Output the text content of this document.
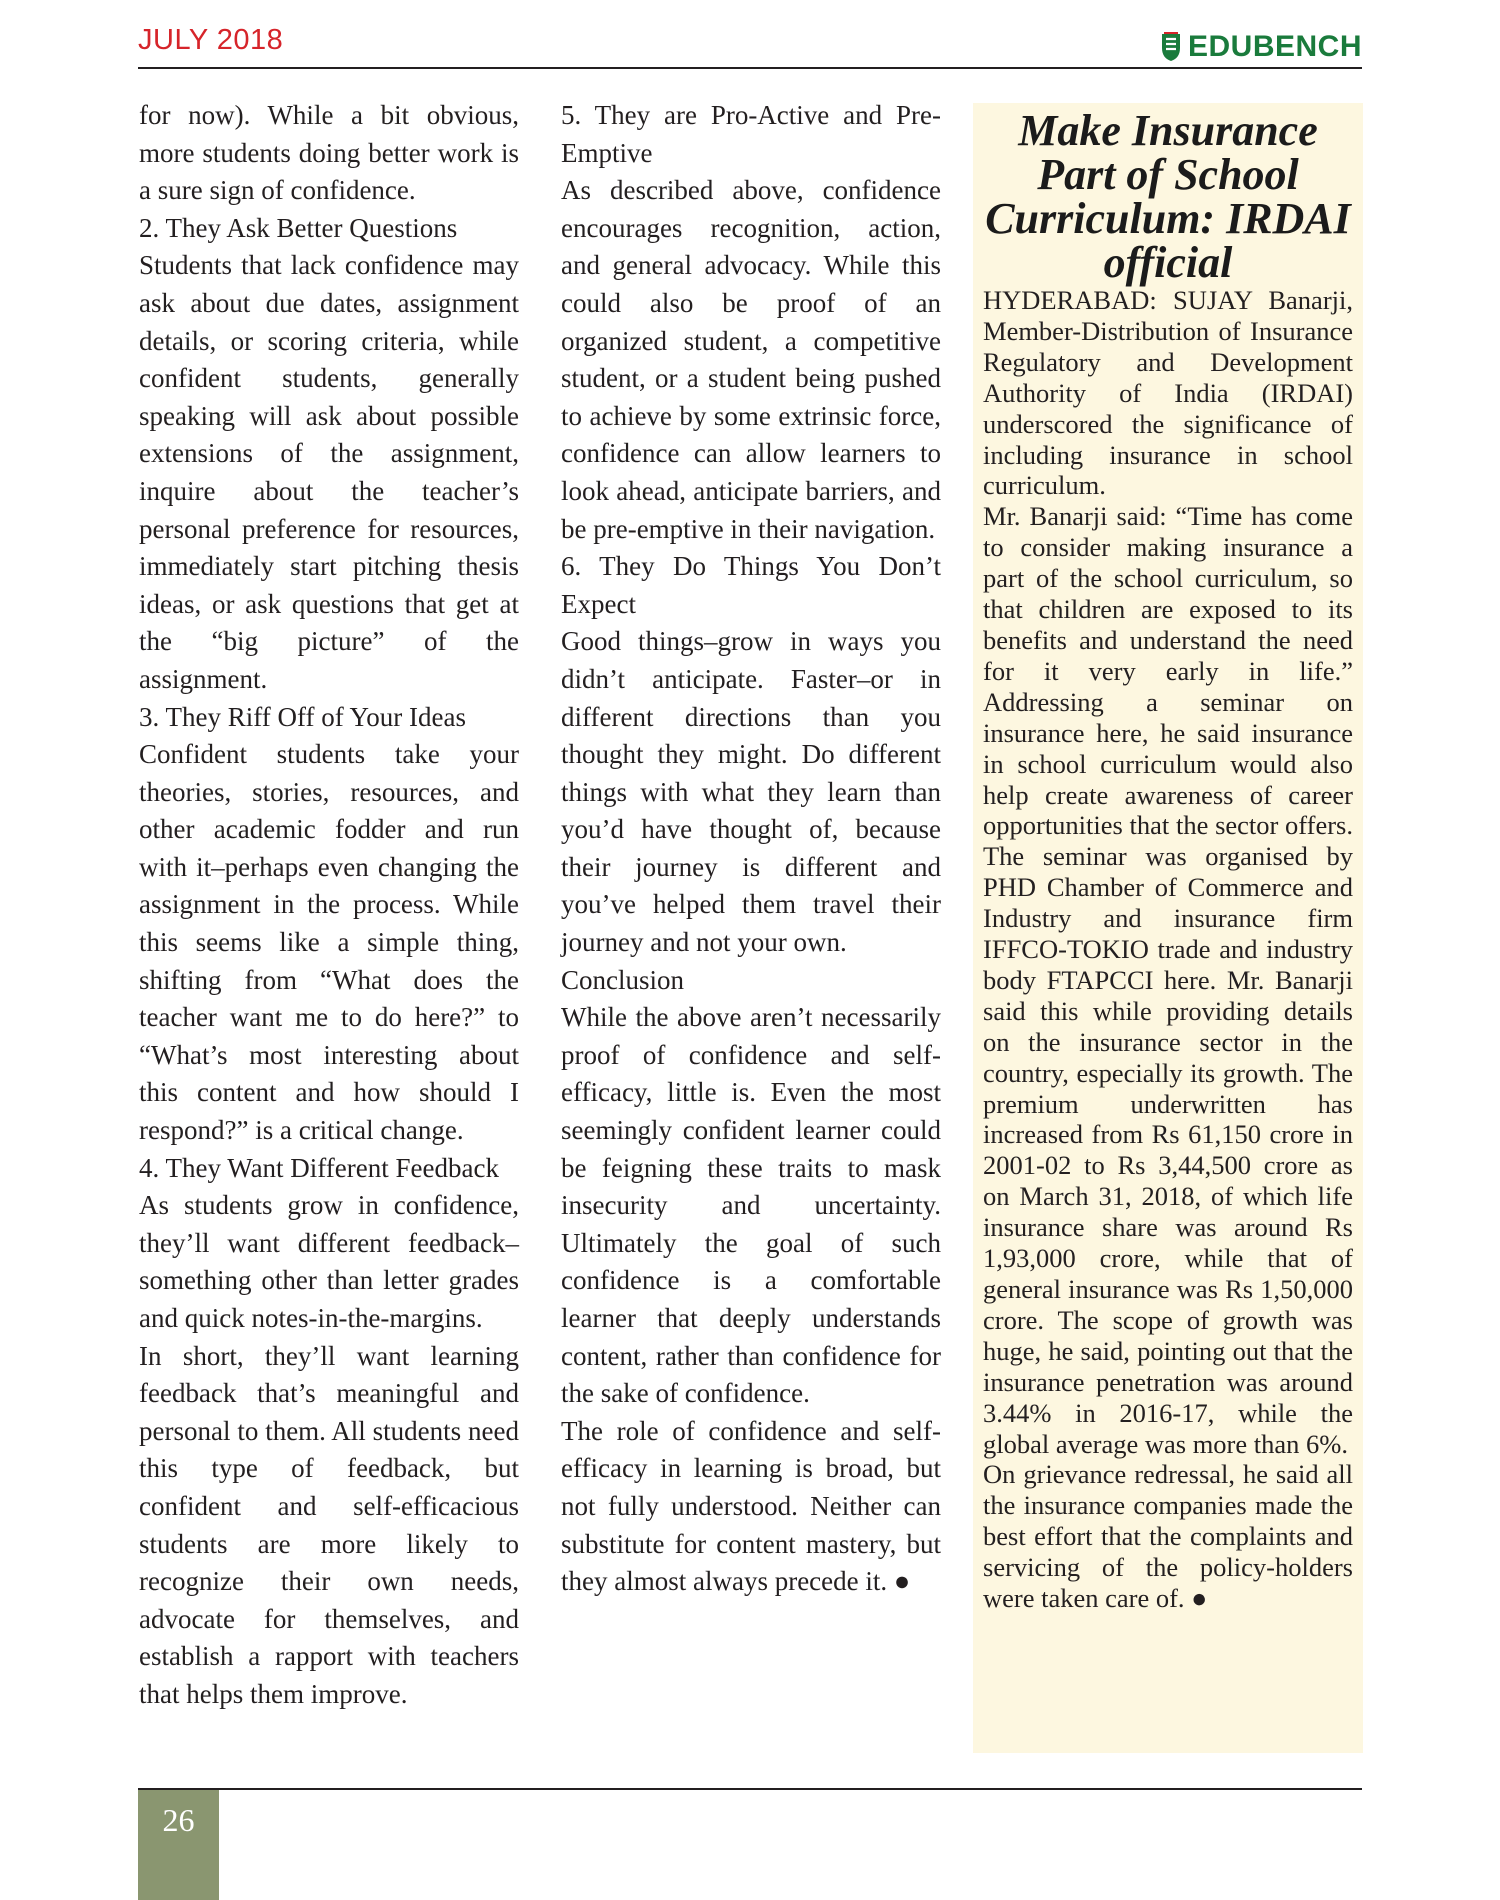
JULY 2018	EDUBENCH

for now). While a bit obvious, more students doing better work is a sure sign of confidence.

2. They Ask Better Questions

Students that lack confidence may ask about due dates, assignment details, or scoring criteria, while confident students, generally speaking will ask about possible extensions of the assignment, inquire about the teacher’s personal preference for resources, immediately start pitching thesis ideas, or ask questions that get at the “big picture” of the assignment.

3. They Riff Off of Your Ideas

Confident students take your theories, stories, resources, and other academic fodder and run with it–perhaps even changing the assignment in the process. While this seems like a simple thing, shifting from “What does the teacher want me to do here?” to “What’s most interesting about this content and how should I respond?” is a critical change.

4. They Want Different Feedback

As students grow in confidence, they’ll want different feedback–something other than letter grades and quick notes-in-the-margins.

In short, they’ll want learning feedback that’s meaningful and personal to them. All students need this type of feedback, but confident and self-efficacious students are more likely to recognize their own needs, advocate for themselves, and establish a rapport with teachers that helps them improve.

5. They are Pro-Active and Pre-Emptive

As described above, confidence encourages recognition, action, and general advocacy. While this could also be proof of an organized student, a competitive student, or a student being pushed to achieve by some extrinsic force, confidence can allow learners to look ahead, anticipate barriers, and be pre-emptive in their navigation.

6. They Do Things You Don’t Expect

Good things–grow in ways you didn’t anticipate. Faster–or in different directions than you thought they might. Do different things with what they learn than you’d have thought of, because their journey is different and you’ve helped them travel their journey and not your own.

Conclusion

While the above aren’t necessarily proof of confidence and self-efficacy, little is. Even the most seemingly confident learner could be feigning these traits to mask insecurity and uncertainty. Ultimately the goal of such confidence is a comfortable learner that deeply understands content, rather than confidence for the sake of confidence.

The role of confidence and self-efficacy in learning is broad, but not fully understood. Neither can substitute for content mastery, but they almost always precede it. ●

Make Insurance Part of School Curriculum: IRDAI official

HYDERABAD: SUJAY Banarji, Member-Distribution of Insurance Regulatory and Development Authority of India (IRDAI) underscored the significance of including insurance in school curriculum.

Mr. Banarji said: “Time has come to consider making insurance a part of the school curriculum, so that children are exposed to its benefits and understand the need for it very early in life.” Addressing a seminar on insurance here, he said insurance in school curriculum would also help create awareness of career opportunities that the sector offers. The seminar was organised by PHD Chamber of Commerce and Industry and insurance firm IFFCO-TOKIO trade and industry body FTAPCCI here. Mr. Banarji said this while providing details on the insurance sector in the country, especially its growth. The premium underwritten has increased from Rs 61,150 crore in 2001-02 to Rs 3,44,500 crore as on March 31, 2018, of which life insurance share was around Rs 1,93,000 crore, while that of general insurance was Rs 1,50,000 crore. The scope of growth was huge, he said, pointing out that the insurance penetration was around 3.44% in 2016-17, while the global average was more than 6%.

On grievance redressal, he said all the insurance companies made the best effort that the complaints and servicing of the policy-holders were taken care of. ●

26
